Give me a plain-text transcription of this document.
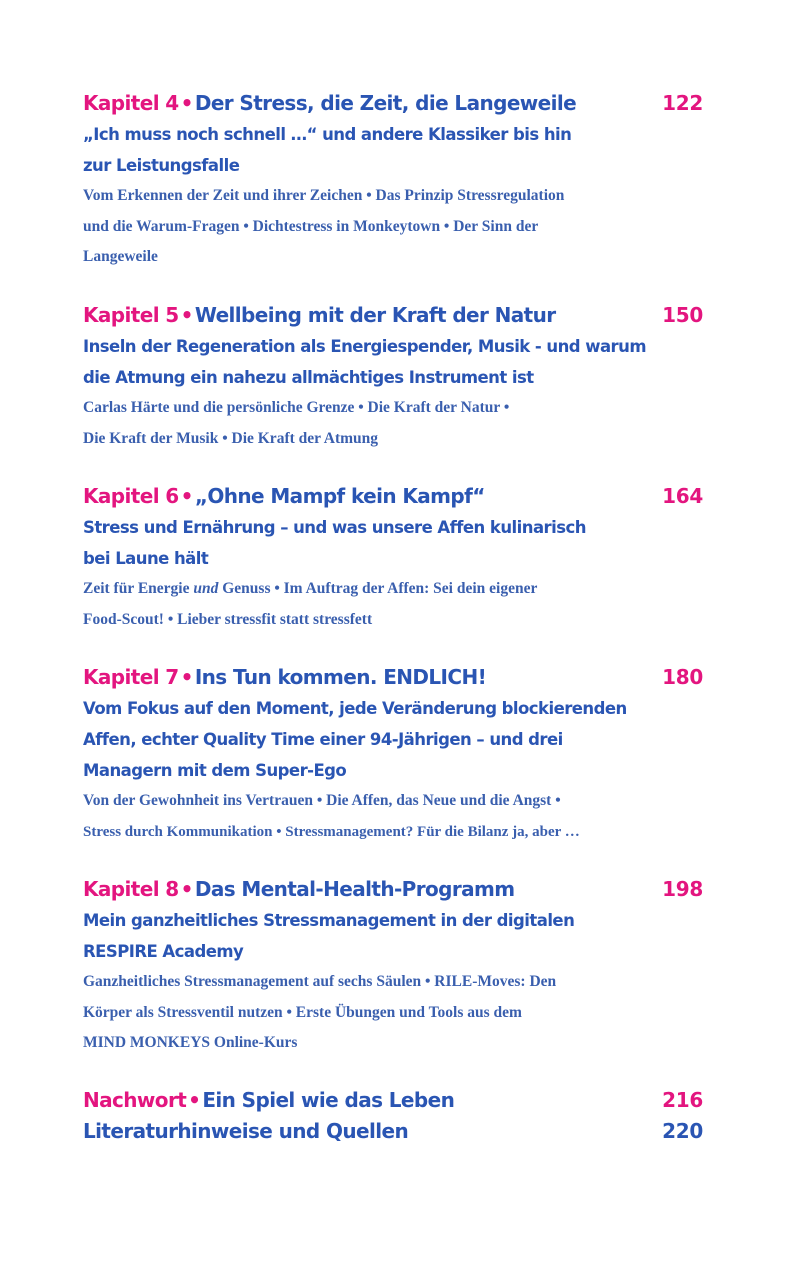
Kapitel 4 • Der Stress, die Zeit, die Langeweile	122
„Ich muss noch schnell …“ und andere Klassiker bis hin
zur Leistungsfalle
Vom Erkennen der Zeit und ihrer Zeichen • Das Prinzip Stressregulation
und die Warum-Fragen • Dichtestress in Monkeytown • Der Sinn der
Langeweile
Kapitel 5 • Wellbeing mit der Kraft der Natur	150
Inseln der Regeneration als Energiespender, Musik - und warum
die Atmung ein nahezu allmächtiges Instrument ist
Carlas Härte und die persönliche Grenze • Die Kraft der Natur •
Die Kraft der Musik • Die Kraft der Atmung
Kapitel 6 • „Ohne Mampf kein Kampf“	164
Stress und Ernährung – und was unsere Affen kulinarisch
bei Laune hält
Zeit für Energie und Genuss • Im Auftrag der Affen: Sei dein eigener
Food-Scout! • Lieber stressfit statt stressfett
Kapitel 7 • Ins Tun kommen. ENDLICH!	180
Vom Fokus auf den Moment, jede Veränderung blockierenden
Affen, echter Quality Time einer 94-Jährigen – und drei
Managern mit dem Super-Ego
Von der Gewohnheit ins Vertrauen • Die Affen, das Neue und die Angst •
Stress durch Kommunikation • Stressmanagement? Für die Bilanz ja, aber …
Kapitel 8 • Das Mental-Health-Programm	198
Mein ganzheitliches Stressmanagement in der digitalen
RESPIRE Academy
Ganzheitliches Stressmanagement auf sechs Säulen • RILE-Moves: Den
Körper als Stressventil nutzen • Erste Übungen und Tools aus dem
MIND MONKEYS Online-Kurs
Nachwort • Ein Spiel wie das Leben	216
Literaturhinweise und Quellen	220
